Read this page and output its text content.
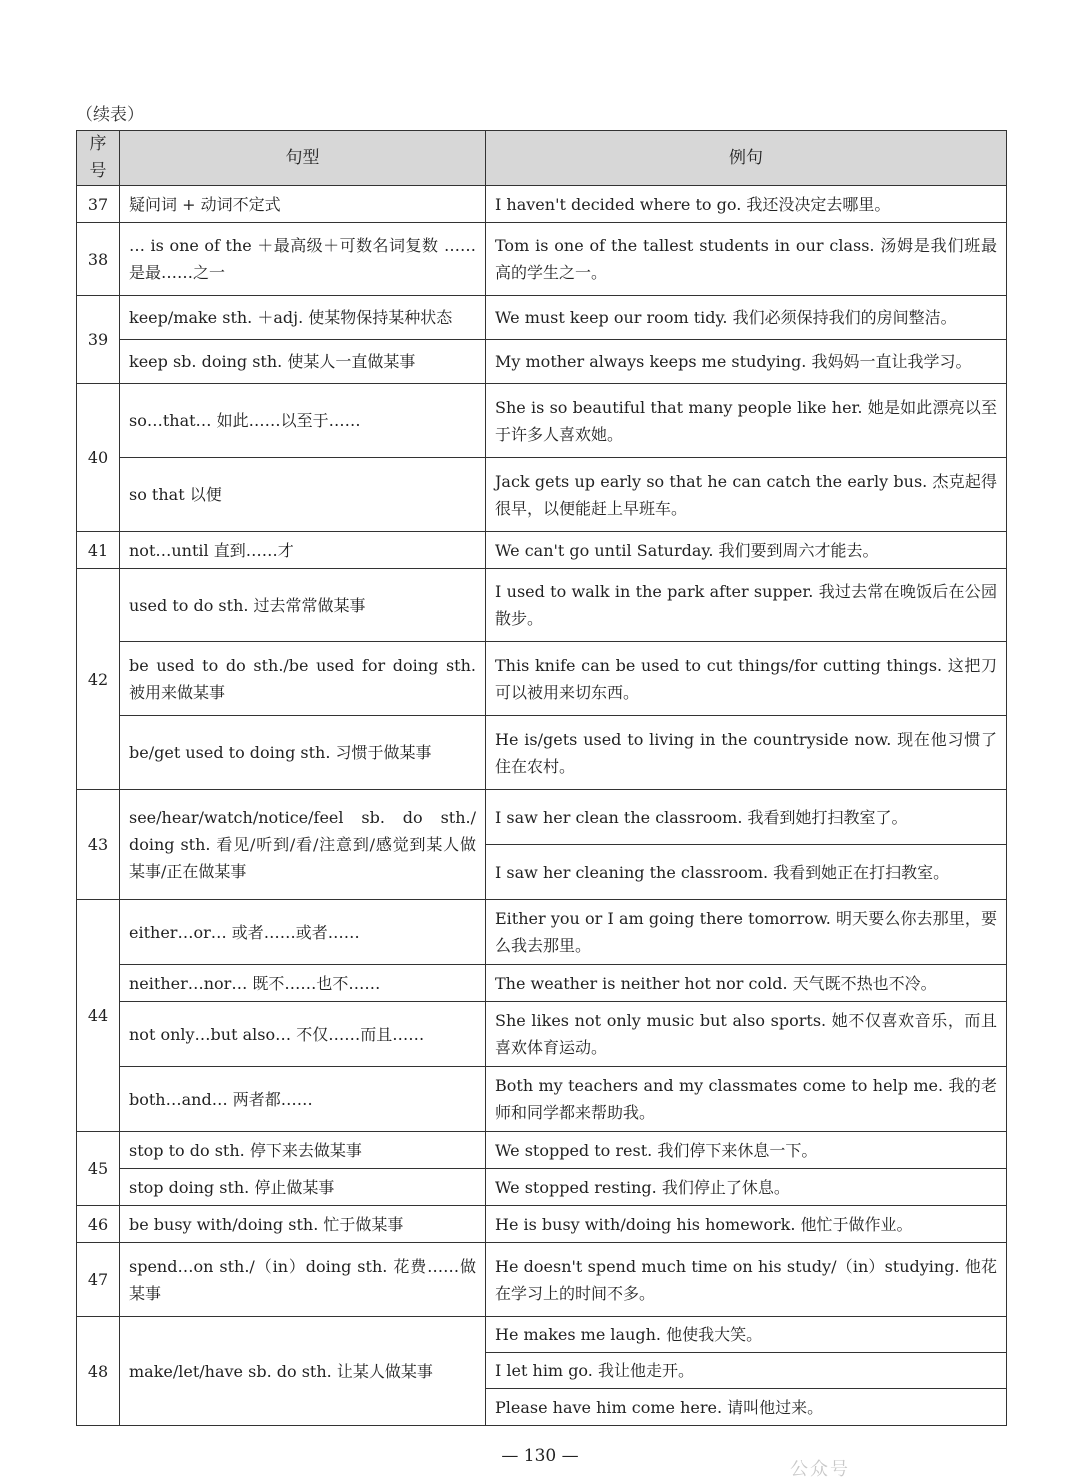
（续表）
序号	句型	例句
37	疑问词 + 动词不定式	I haven't decided where to go. 我还没决定去哪里。
38	… is one of the ＋最高级＋可数名词复数 ……是最……之一	Tom is one of the tallest students in our class. 汤姆是我们班最高的学生之一。
39	keep/make sth. ＋adj. 使某物保持某种状态	We must keep our room tidy. 我们必须保持我们的房间整洁。
	keep sb. doing sth. 使某人一直做某事	My mother always keeps me studying. 我妈妈一直让我学习。
40	so…that… 如此……以至于……	She is so beautiful that many people like her. 她是如此漂亮以至于许多人喜欢她。
	so that 以便	Jack gets up early so that he can catch the early bus. 杰克起得很早，以便能赶上早班车。
41	not…until 直到……才	We can't go until Saturday. 我们要到周六才能去。
42	used to do sth. 过去常常做某事	I used to walk in the park after supper. 我过去常在晚饭后在公园散步。
	be used to do sth./be used for doing sth. 被用来做某事	This knife can be used to cut things/for cutting things. 这把刀可以被用来切东西。
	be/get used to doing sth. 习惯于做某事	He is/gets used to living in the countryside now. 现在他习惯了住在农村。
43	see/hear/watch/notice/feel sb. do sth./ doing sth. 看见/听到/看/注意到/感觉到某人做某事/正在做某事	I saw her clean the classroom. 我看到她打扫教室了。
		I saw her cleaning the classroom. 我看到她正在打扫教室。
44	either…or… 或者……或者……	Either you or I am going there tomorrow. 明天要么你去那里，要么我去那里。
	neither…nor… 既不……也不……	The weather is neither hot nor cold. 天气既不热也不冷。
	not only…but also… 不仅……而且……	She likes not only music but also sports. 她不仅喜欢音乐，而且喜欢体育运动。
	both…and… 两者都……	Both my teachers and my classmates come to help me. 我的老师和同学都来帮助我。
45	stop to do sth. 停下来去做某事	We stopped to rest. 我们停下来休息一下。
	stop doing sth. 停止做某事	We stopped resting. 我们停止了休息。
46	be busy with/doing sth. 忙于做某事	He is busy with/doing his homework. 他忙于做作业。
47	spend…on sth./（in）doing sth. 花费……做某事	He doesn't spend much time on his study/（in）studying. 他花在学习上的时间不多。
48	make/let/have sb. do sth. 让某人做某事	He makes me laugh. 他使我大笑。
		I let him go. 我让他走开。
		Please have him come here. 请叫他过来。
— 130 —
公众号
